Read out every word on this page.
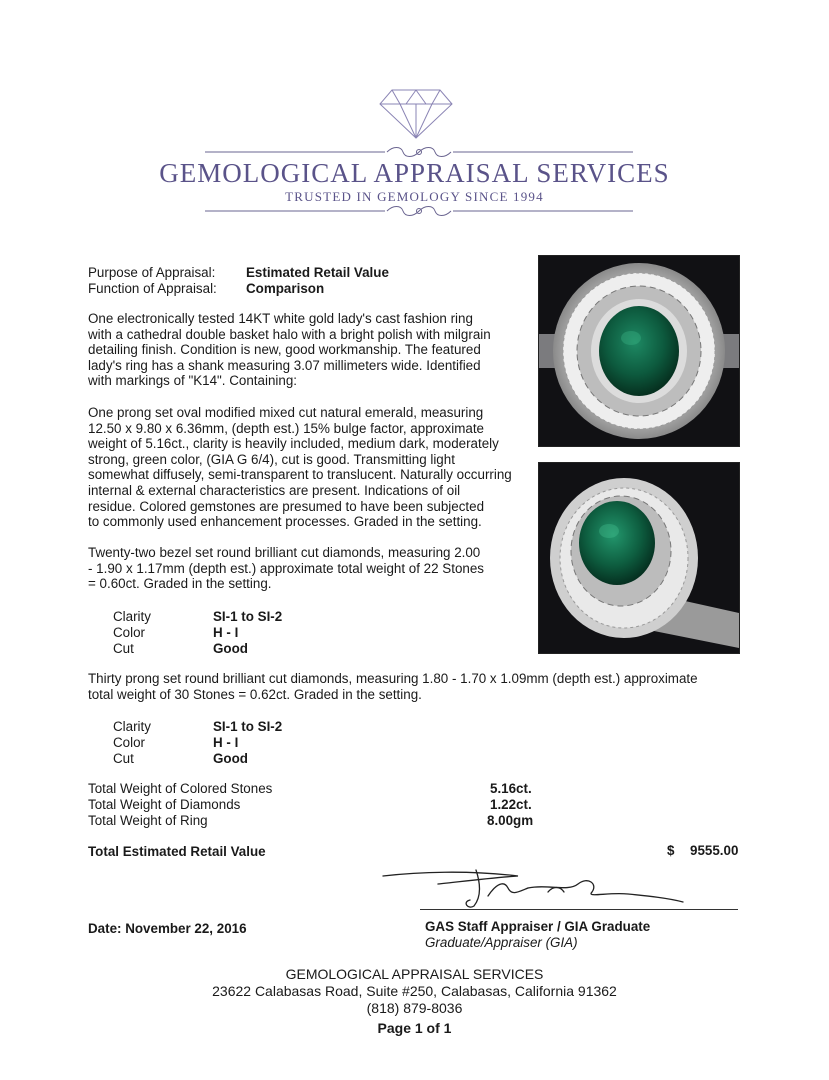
GEMOLOGICAL APPRAISAL SERVICES
TRUSTED IN GEMOLOGY SINCE 1994
Purpose of Appraisal: Estimated Retail Value
Function of Appraisal: Comparison
One electronically tested 14KT white gold lady's cast fashion ring
with a cathedral double basket halo with a bright polish with milgrain
detailing finish. Condition is new, good workmanship. The featured
lady's ring has a shank measuring 3.07 millimeters wide. Identified
with markings of "K14". Containing:
One prong set oval modified mixed cut natural emerald, measuring
12.50 x 9.80 x 6.36mm, (depth est.) 15% bulge factor, approximate
weight of 5.16ct., clarity is heavily included, medium dark, moderately
strong, green color, (GIA G 6/4), cut is good. Transmitting light
somewhat diffusely, semi-transparent to translucent. Naturally occurring
internal & external characteristics are present. Indications of oil
residue. Colored gemstones are presumed to have been subjected
to commonly used enhancement processes. Graded in the setting.
Twenty-two bezel set round brilliant cut diamonds, measuring 2.00
- 1.90 x 1.17mm (depth est.) approximate total weight of 22 Stones
= 0.60ct. Graded in the setting.
Clarity	SI-1 to SI-2
Color	H - I
Cut	Good
Thirty prong set round brilliant cut diamonds, measuring 1.80 - 1.70 x 1.09mm (depth est.) approximate
total weight of 30 Stones = 0.62ct. Graded in the setting.
Clarity	SI-1 to SI-2
Color	H - I
Cut	Good
Total Weight of Colored Stones	5.16ct.
Total Weight of Diamonds	1.22ct.
Total Weight of Ring	8.00gm
Total Estimated Retail Value	$ 9555.00
Date: November 22, 2016	GAS Staff Appraiser / GIA Graduate
Graduate/Appraiser (GIA)
GEMOLOGICAL APPRAISAL SERVICES
23622 Calabasas Road, Suite #250, Calabasas, California 91362
(818) 879-8036
Page 1 of 1
